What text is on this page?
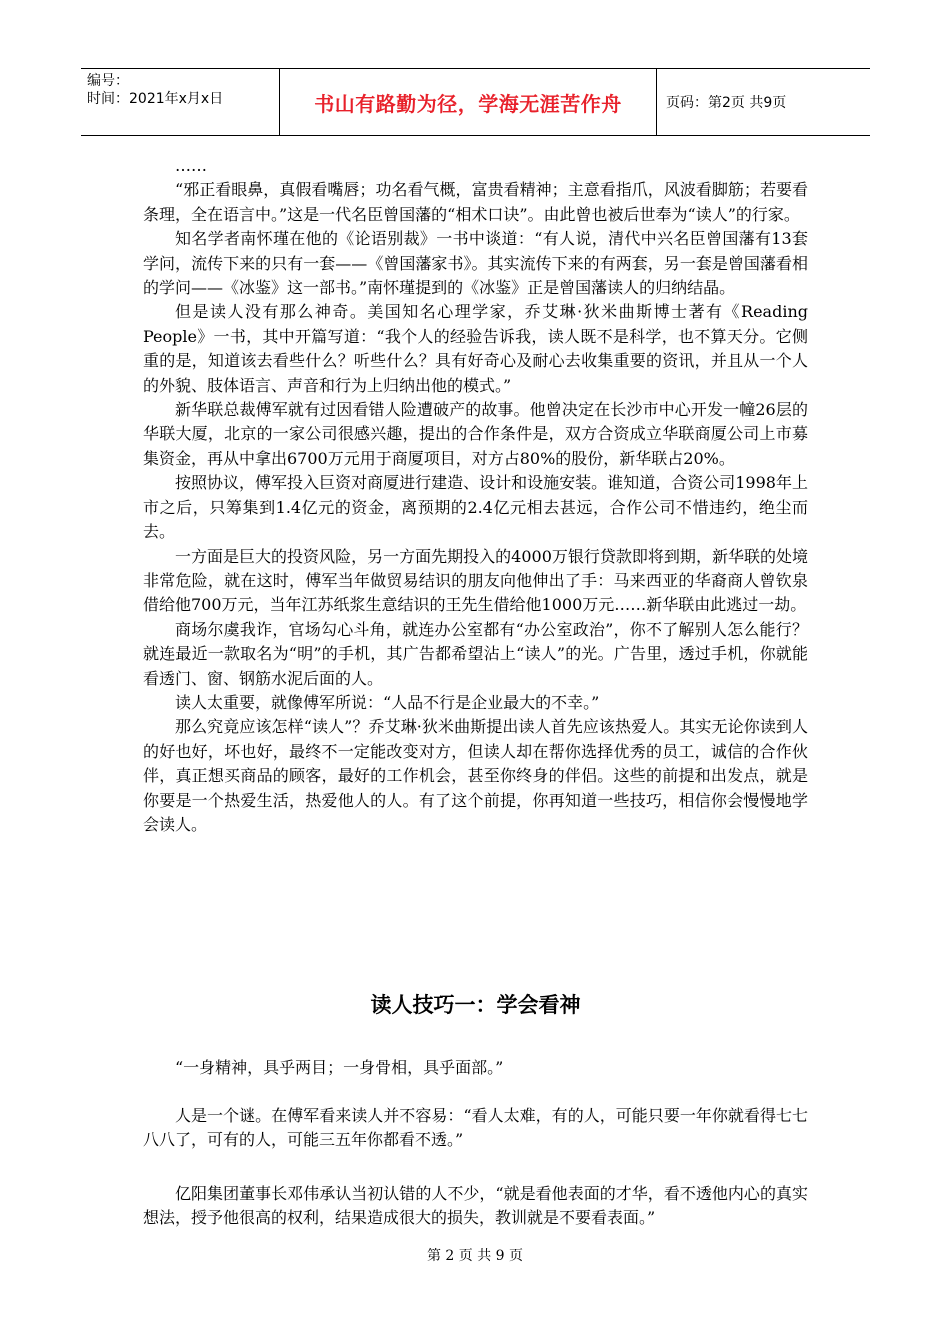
编号：
时间：2021年x月x日	书山有路勤为径，学海无涯苦作舟	页码：第2页 共9页

……

“邪正看眼鼻，真假看嘴唇；功名看气概，富贵看精神；主意看指爪，风波看脚筋；若要看条理，全在语言中。”这是一代名臣曾国藩的“相术口诀”。由此曾也被后世奉为“读人”的行家。

知名学者南怀瑾在他的《论语别裁》一书中谈道：“有人说，清代中兴名臣曾国藩有13套学问，流传下来的只有一套——《曾国藩家书》。其实流传下来的有两套，另一套是曾国藩看相的学问——《冰鉴》这一部书。”南怀瑾提到的《冰鉴》正是曾国藩读人的归纳结晶。

但是读人没有那么神奇。美国知名心理学家，乔艾琳·狄米曲斯博士著有《Reading People》一书，其中开篇写道：“我个人的经验告诉我，读人既不是科学，也不算天分。它侧重的是，知道该去看些什么？听些什么？具有好奇心及耐心去收集重要的资讯，并且从一个人的外貌、肢体语言、声音和行为上归纳出他的模式。”

新华联总裁傅军就有过因看错人险遭破产的故事。他曾决定在长沙市中心开发一幢26层的华联大厦，北京的一家公司很感兴趣，提出的合作条件是，双方合资成立华联商厦公司上市募集资金，再从中拿出6700万元用于商厦项目，对方占80%的股份，新华联占20%。

按照协议，傅军投入巨资对商厦进行建造、设计和设施安装。谁知道，合资公司1998年上市之后，只筹集到1.4亿元的资金，离预期的2.4亿元相去甚远，合作公司不惜违约，绝尘而去。

一方面是巨大的投资风险，另一方面先期投入的4000万银行贷款即将到期，新华联的处境非常危险，就在这时，傅军当年做贸易结识的朋友向他伸出了手：马来西亚的华裔商人曾钦泉借给他700万元，当年江苏纸浆生意结识的王先生借给他1000万元……新华联由此逃过一劫。

商场尔虞我诈，官场勾心斗角，就连办公室都有“办公室政治”，你不了解别人怎么能行？就连最近一款取名为“明”的手机，其广告都希望沾上“读人”的光。广告里，透过手机，你就能看透门、窗、钢筋水泥后面的人。

读人太重要，就像傅军所说：“人品不行是企业最大的不幸。”

那么究竟应该怎样“读人”？乔艾琳·狄米曲斯提出读人首先应该热爱人。其实无论你读到人的好也好，坏也好，最终不一定能改变对方，但读人却在帮你选择优秀的员工，诚信的合作伙伴，真正想买商品的顾客，最好的工作机会，甚至你终身的伴侣。这些的前提和出发点，就是你要是一个热爱生活，热爱他人的人。有了这个前提，你再知道一些技巧，相信你会慢慢地学会读人。

读人技巧一：学会看神

“一身精神，具乎两目；一身骨相，具乎面部。”

人是一个谜。在傅军看来读人并不容易：“看人太难，有的人，可能只要一年你就看得七七八八了，可有的人，可能三五年你都看不透。”

亿阳集团董事长邓伟承认当初认错的人不少，“就是看他表面的才华，看不透他内心的真实想法，授予他很高的权利，结果造成很大的损失，教训就是不要看表面。”

第 2 页 共 9 页
